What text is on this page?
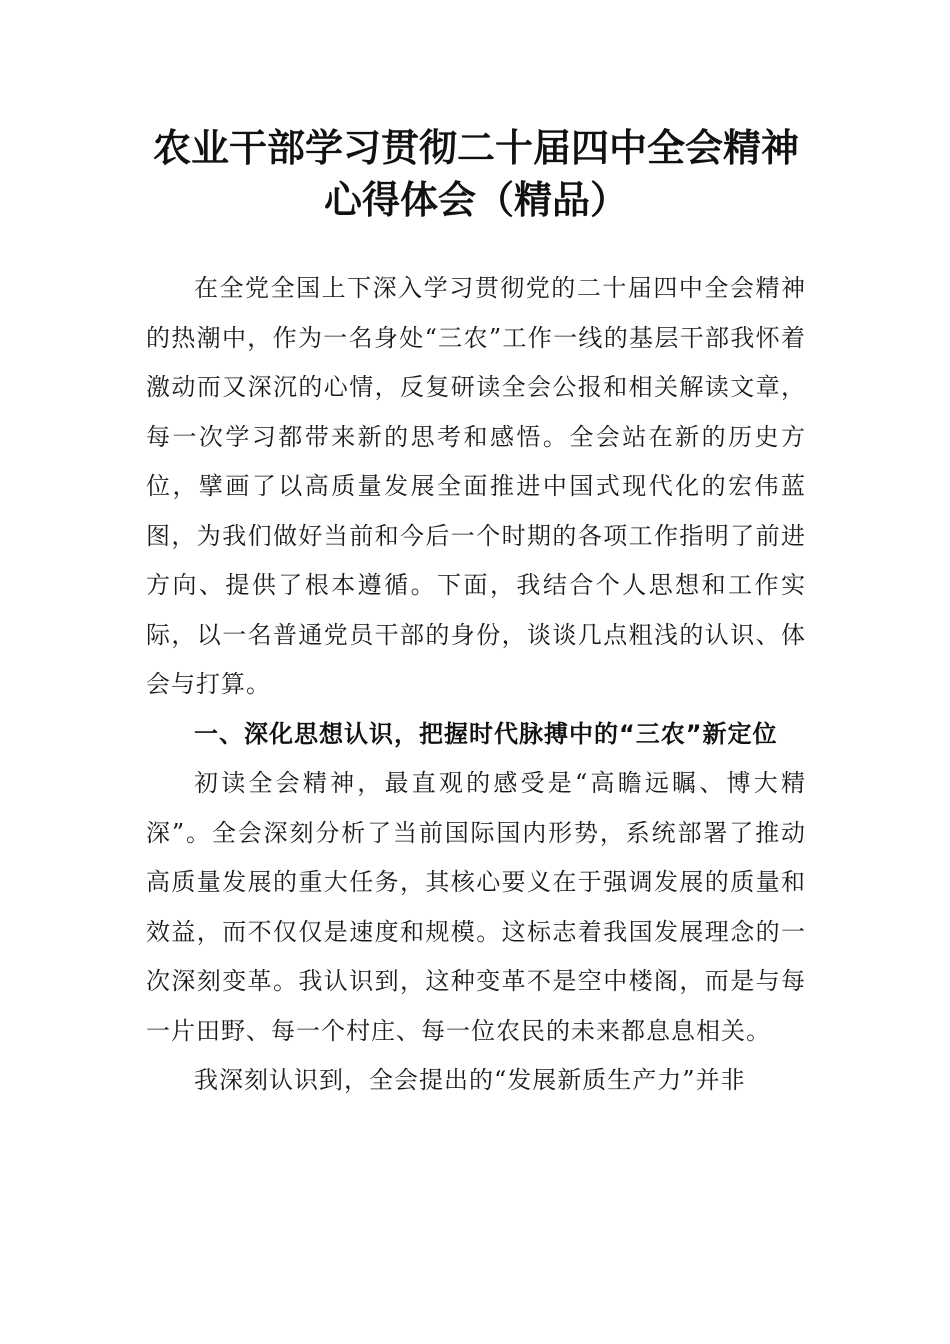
农业干部学习贯彻二十届四中全会精神心得体会（精品）

在全党全国上下深入学习贯彻党的二十届四中全会精神的热潮中，作为一名身处“三农”工作一线的基层干部我怀着激动而又深沉的心情，反复研读全会公报和相关解读文章，每一次学习都带来新的思考和感悟。全会站在新的历史方位，擘画了以高质量发展全面推进中国式现代化的宏伟蓝图，为我们做好当前和今后一个时期的各项工作指明了前进方向、提供了根本遵循。下面，我结合个人思想和工作实际，以一名普通党员干部的身份，谈谈几点粗浅的认识、体会与打算。

一、深化思想认识，把握时代脉搏中的“三农”新定位

初读全会精神，最直观的感受是“高瞻远瞩、博大精深”。全会深刻分析了当前国际国内形势，系统部署了推动高质量发展的重大任务，其核心要义在于强调发展的质量和效益，而不仅仅是速度和规模。这标志着我国发展理念的一次深刻变革。我认识到，这种变革不是空中楼阁，而是与每一片田野、每一个村庄、每一位农民的未来都息息相关。

我深刻认识到，全会提出的“发展新质生产力”并非
